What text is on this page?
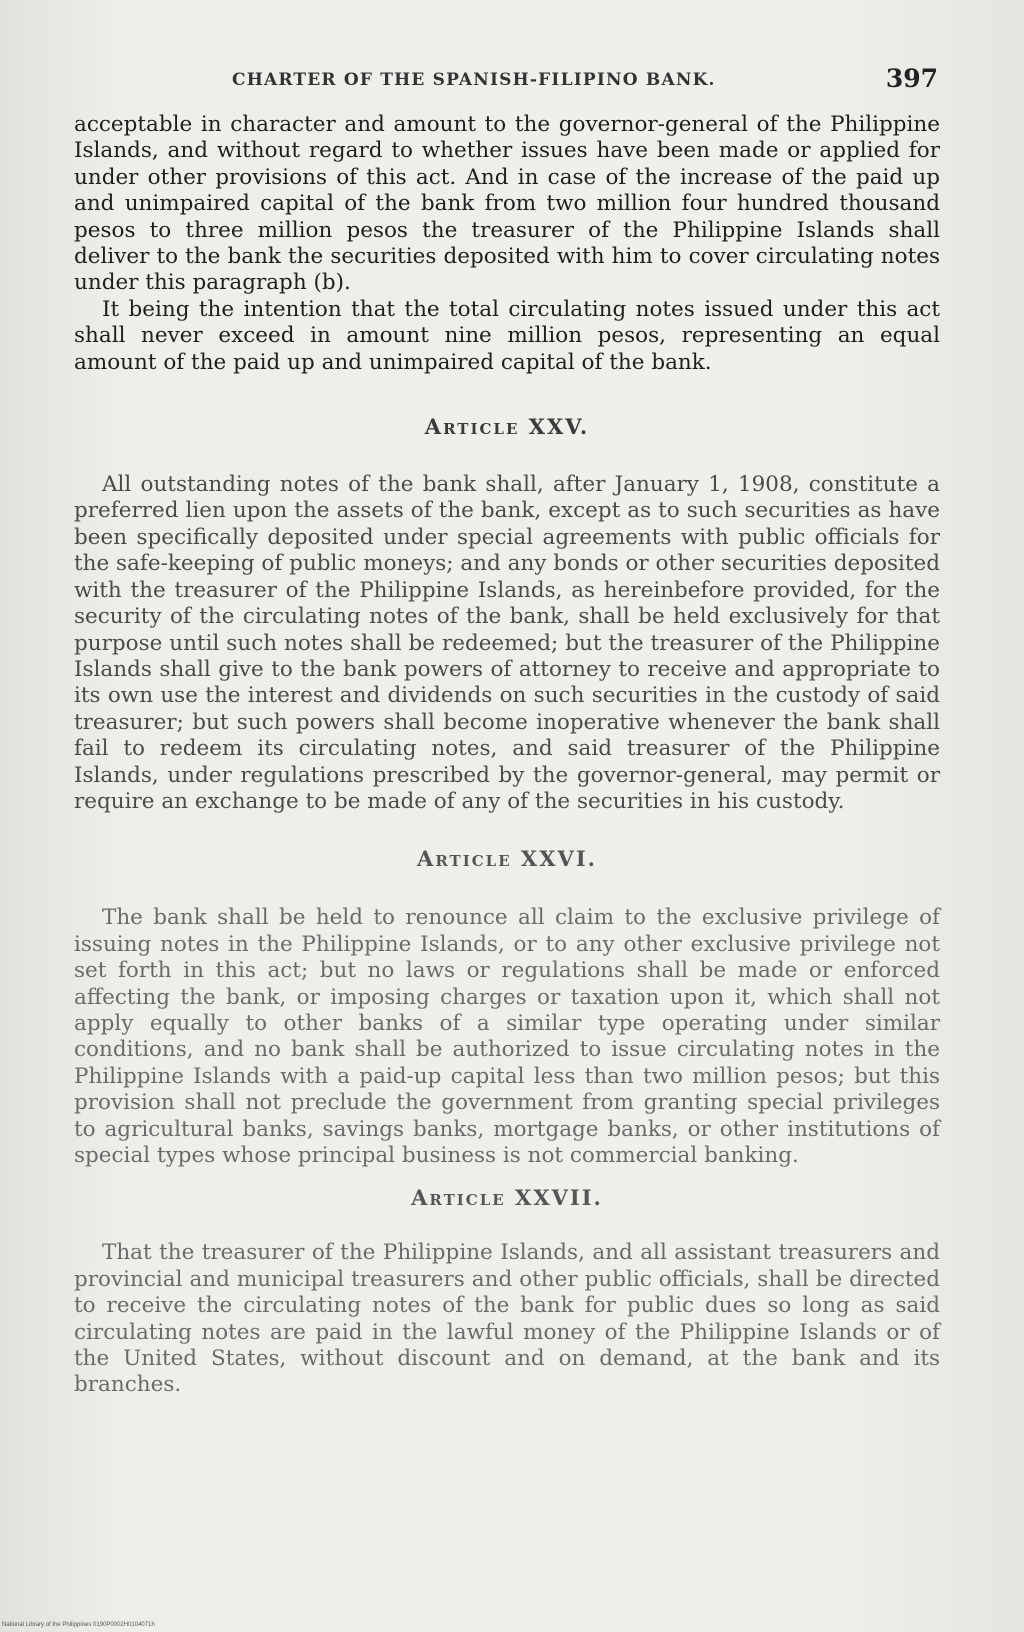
CHARTER OF THE SPANISH-FILIPINO BANK.	397

acceptable in character and amount to the governor-general of the Philippine Islands, and without regard to whether issues have been made or applied for under other provisions of this act. And in case of the increase of the paid up and unimpaired capital of the bank from two million four hundred thousand pesos to three million pesos the treasurer of the Philippine Islands shall deliver to the bank the securities deposited with him to cover circulating notes under this paragraph (b).

It being the intention that the total circulating notes issued under this act shall never exceed in amount nine million pesos, representing an equal amount of the paid up and unimpaired capital of the bank.

Article XXV.

All outstanding notes of the bank shall, after January 1, 1908, constitute a preferred lien upon the assets of the bank, except as to such securities as have been specifically deposited under special agreements with public officials for the safe-keeping of public moneys; and any bonds or other securities deposited with the treasurer of the Philippine Islands, as hereinbefore provided, for the security of the circulating notes of the bank, shall be held exclusively for that purpose until such notes shall be redeemed; but the treasurer of the Philippine Islands shall give to the bank powers of attorney to receive and appropriate to its own use the interest and dividends on such securities in the custody of said treasurer; but such powers shall become inoperative whenever the bank shall fail to redeem its circulating notes, and said treasurer of the Philippine Islands, under regulations prescribed by the governor-general, may permit or require an exchange to be made of any of the securities in his custody.

Article XXVI.

The bank shall be held to renounce all claim to the exclusive privilege of issuing notes in the Philippine Islands, or to any other exclusive privilege not set forth in this act; but no laws or regulations shall be made or enforced affecting the bank, or imposing charges or taxation upon it, which shall not apply equally to other banks of a similar type operating under similar conditions, and no bank shall be authorized to issue circulating notes in the Philippine Islands with a paid-up capital less than two million pesos; but this provision shall not preclude the government from granting special privileges to agricultural banks, savings banks, mortgage banks, or other institutions of special types whose principal business is not commercial banking.

Article XXVII.

That the treasurer of the Philippine Islands, and all assistant treasurers and provincial and municipal treasurers and other public officials, shall be directed to receive the circulating notes of the bank for public dues so long as said circulating notes are paid in the lawful money of the Philippine Islands or of the United States, without discount and on demand, at the bank and its branches.

National Library of the Philippines 0190P0002H0104071h
